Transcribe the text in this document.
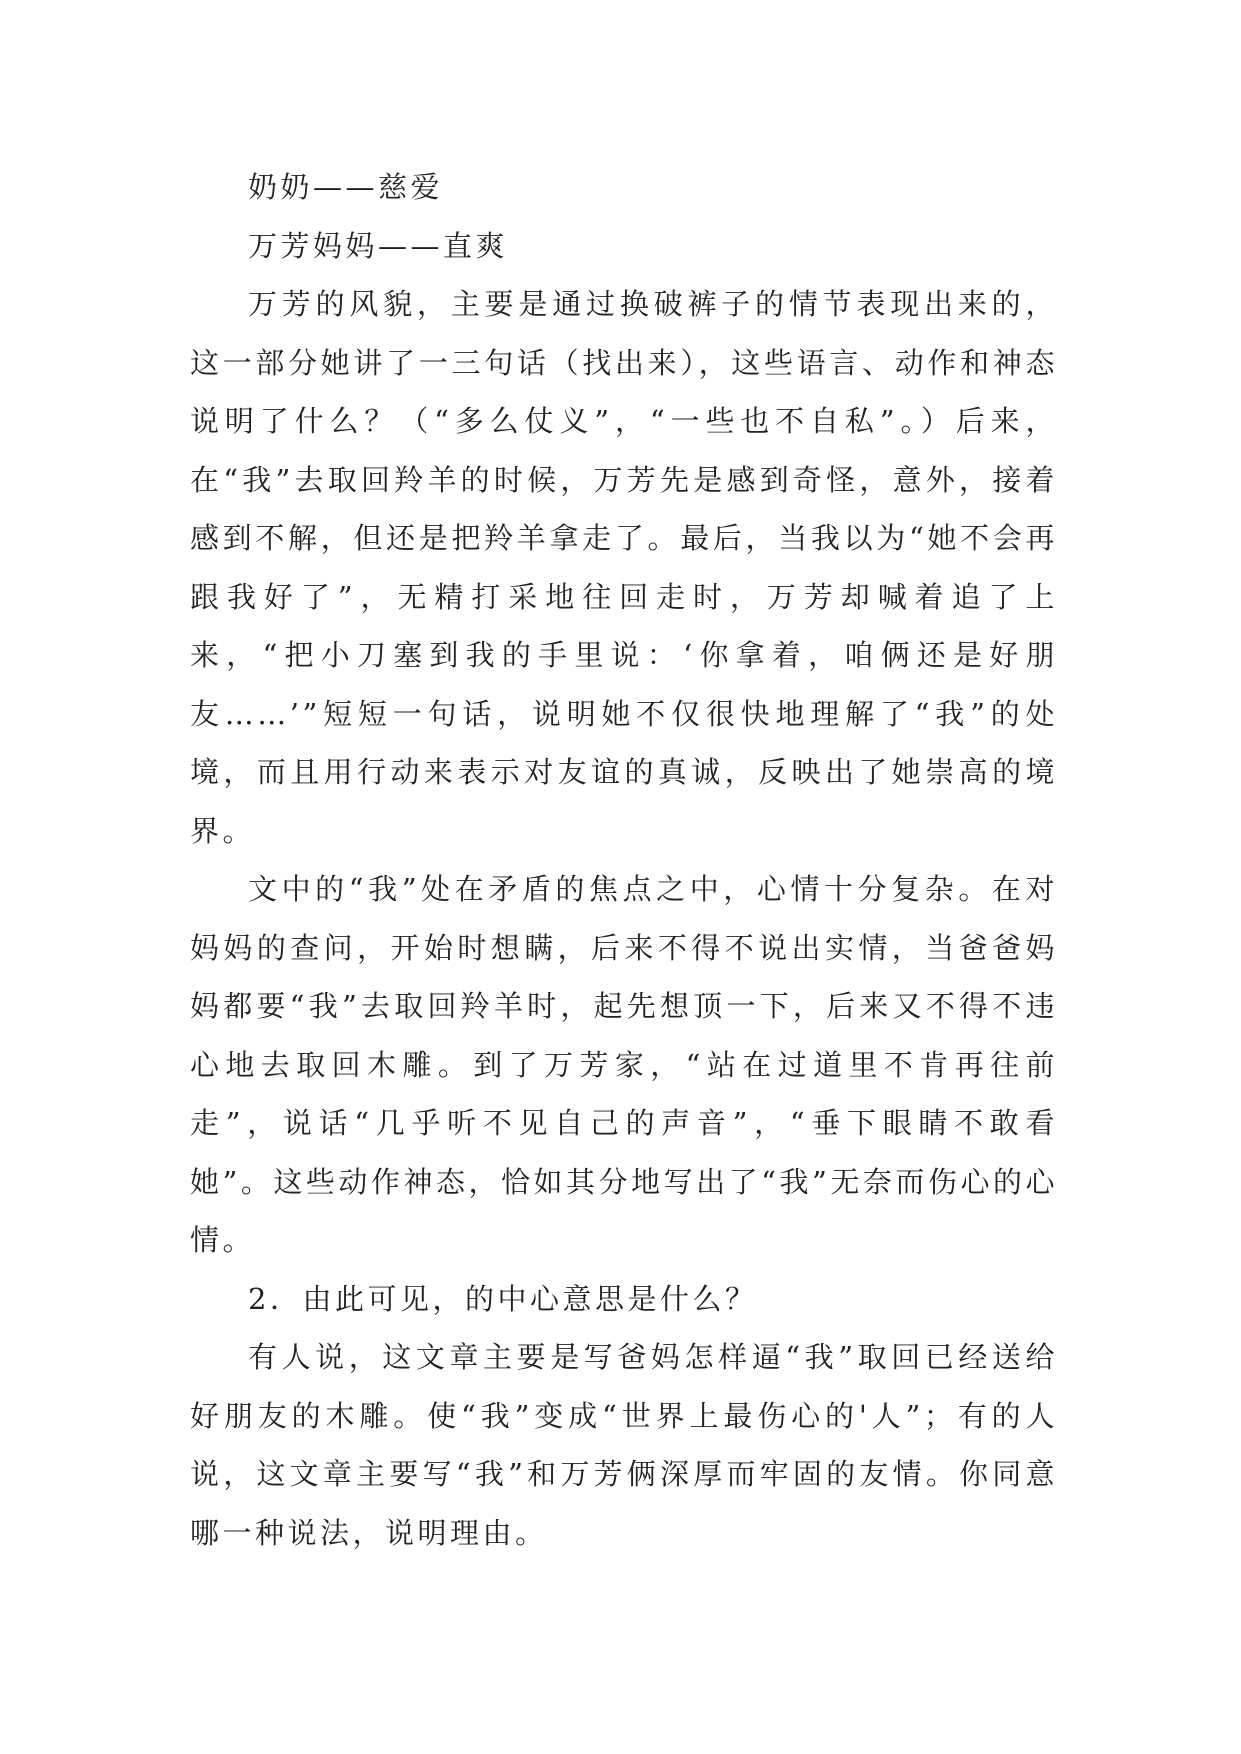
奶奶——慈爱

万芳妈妈——直爽

万芳的风貌，主要是通过换破裤子的情节表现出来的，这一部分她讲了一三句话（找出来），这些语言、动作和神态说明了什么？（“多么仗义”，“一些也不自私”。）后来，在“我”去取回羚羊的时候，万芳先是感到奇怪，意外，接着感到不解，但还是把羚羊拿走了。最后，当我以为“她不会再跟我好了”，无精打采地往回走时，万芳却喊着追了上来，“把小刀塞到我的手里说：‘你拿着，咱俩还是好朋友……’”短短一句话，说明她不仅很快地理解了“我”的处境，而且用行动来表示对友谊的真诚，反映出了她崇高的境界。

文中的“我”处在矛盾的焦点之中，心情十分复杂。在对妈妈的查问，开始时想瞒，后来不得不说出实情，当爸爸妈妈都要“我”去取回羚羊时，起先想顶一下，后来又不得不违心地去取回木雕。到了万芳家，“站在过道里不肯再往前走”，说话“几乎听不见自己的声音”，“垂下眼睛不敢看她”。这些动作神态，恰如其分地写出了“我”无奈而伤心的心情。

2．由此可见，的中心意思是什么？

有人说，这文章主要是写爸妈怎样逼“我”取回已经送给好朋友的木雕。使“我”变成“世界上最伤心的'人”；有的人说，这文章主要写“我”和万芳俩深厚而牢固的友情。你同意哪一种说法，说明理由。
